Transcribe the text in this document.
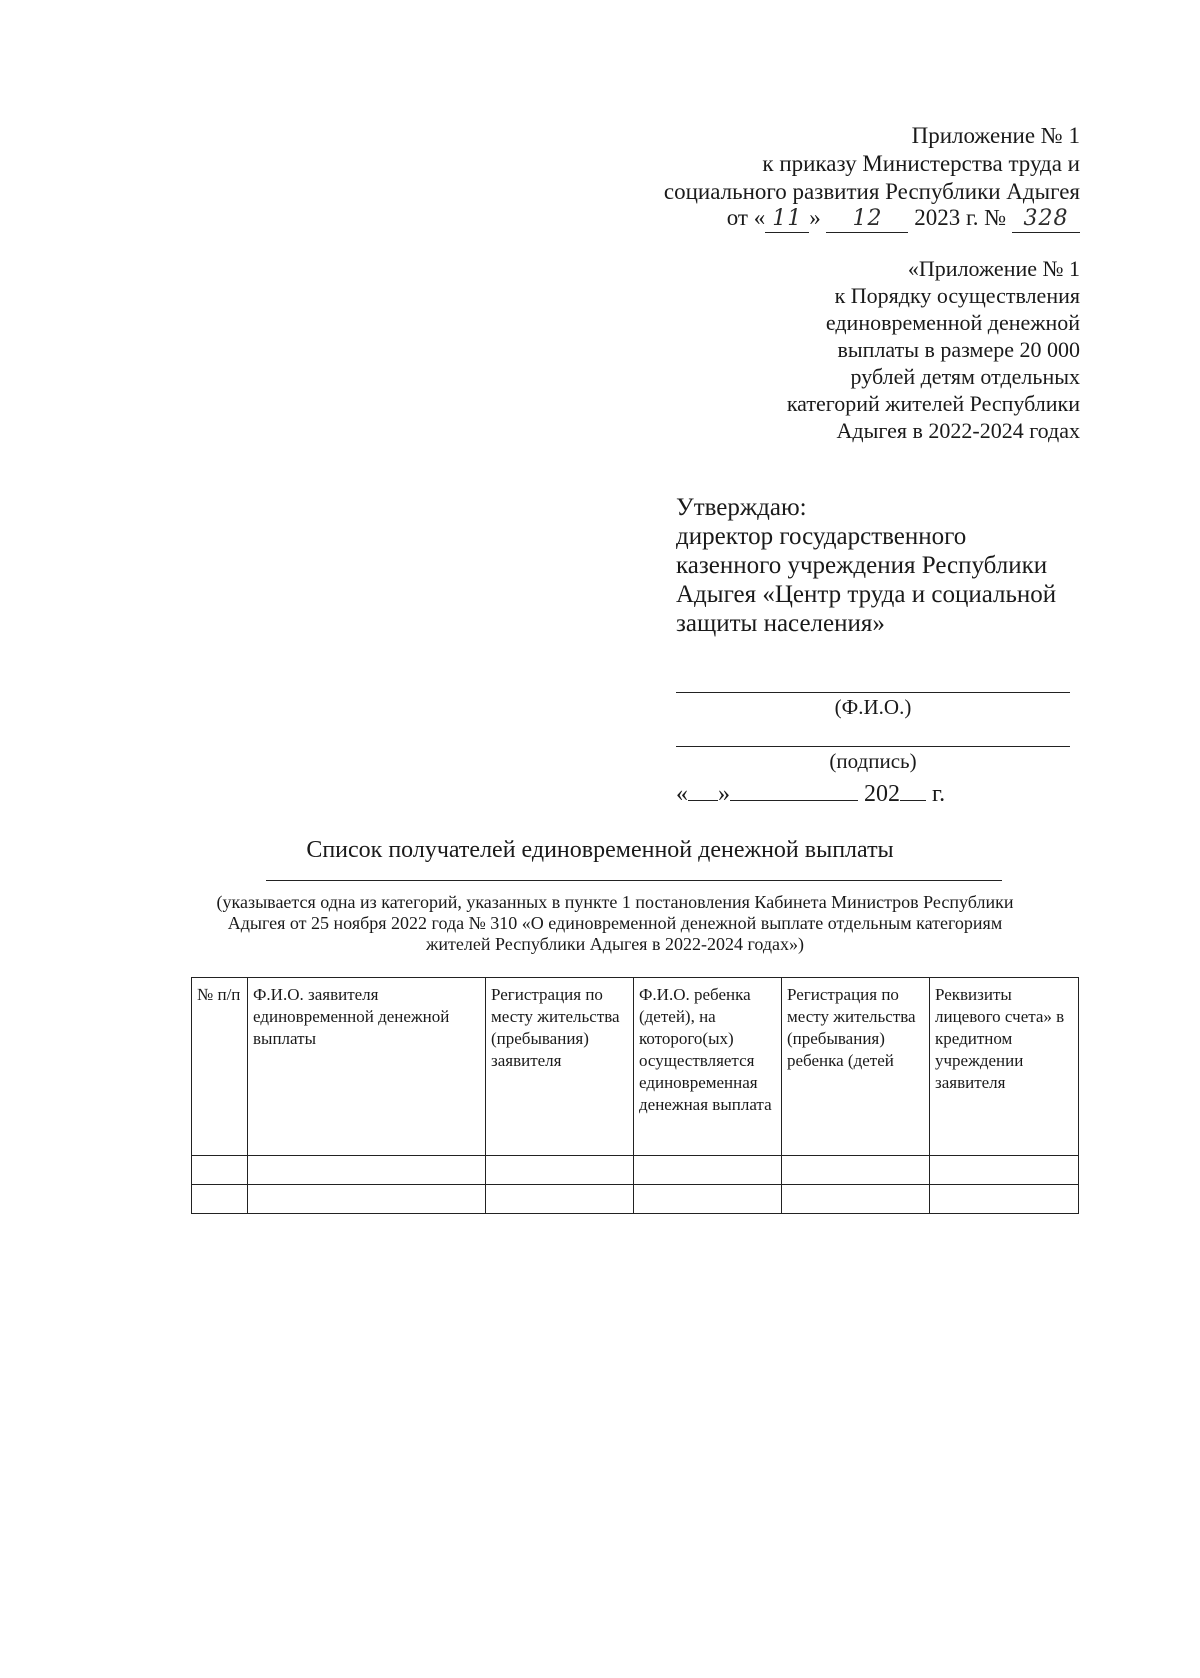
Приложение № 1
к приказу Министерства труда и
социального развития Республики Адыгея
от « 11 » 12 2023 г. № 328
«Приложение № 1
к Порядку осуществления
единовременной денежной
выплаты в размере 20 000
рублей детям отдельных
категорий жителей Республики
Адыгея в 2022-2024 годах
Утверждаю:
директор государственного
казенного учреждения Республики
Адыгея «Центр труда и социальной
защиты населения»
(Ф.И.О.)
(подпись)
« »	202 г.
Список получателей единовременной денежной выплаты
(указывается одна из категорий, указанных в пункте 1 постановления Кабинета Министров Республики
Адыгея от 25 ноября 2022 года № 310 «О единовременной денежной выплате отдельным категориям
жителей Республики Адыгея в 2022-2024 годах»)
№ п/п	Ф.И.О. заявителя единовременной денежной выплаты	Регистрация по месту жительства (пребывания) заявителя	Ф.И.О. ребенка (детей), на которого(ых) осуществляется единовременная денежная выплата	Регистрация по месту жительства (пребывания) ребенка (детей	Реквизиты лицевого счета» в кредитном учреждении заявителя
